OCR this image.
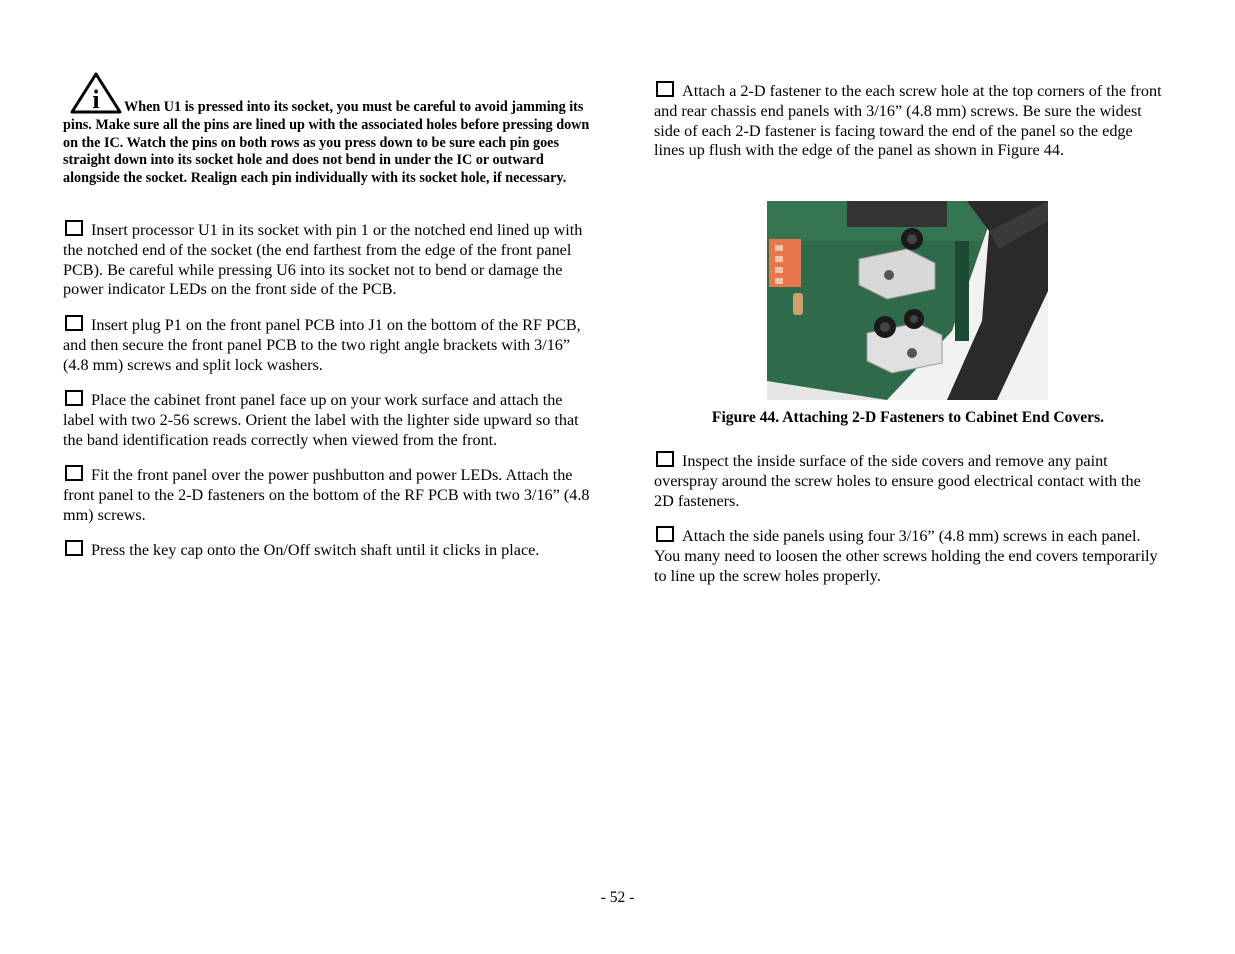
i When U1 is pressed into its socket, you must be careful to avoid jamming its pins. Make sure all the pins are lined up with the associated holes before pressing down on the IC. Watch the pins on both rows as you press down to be sure each pin goes straight down into its socket hole and does not bend in under the IC or outward alongside the socket. Realign each pin individually with its socket hole, if necessary.
Insert processor U1 in its socket with pin 1 or the notched end lined up with the notched end of the socket (the end farthest from the edge of the front panel PCB). Be careful while pressing U6 into its socket not to bend or damage the power indicator LEDs on the front side of the PCB.
Insert plug P1 on the front panel PCB into J1 on the bottom of the RF PCB, and then secure the front panel PCB to the two right angle brackets with 3/16” (4.8 mm) screws and split lock washers.
Place the cabinet front panel face up on your work surface and attach the label with two 2-56 screws. Orient the label with the lighter side upward so that the band identification reads correctly when viewed from the front.
Fit the front panel over the power pushbutton and power LEDs. Attach the front panel to the 2-D fasteners on the bottom of the RF PCB with two 3/16” (4.8 mm) screws.
Press the key cap onto the On/Off switch shaft until it clicks in place.
Attach a 2-D fastener to the each screw hole at the top corners of the front and rear chassis end panels with 3/16” (4.8 mm) screws. Be sure the widest side of each 2-D fastener is facing toward the end of the panel so the edge lines up flush with the edge of the panel as shown in Figure 44.
Figure 44. Attaching 2-D Fasteners to Cabinet End Covers.
Inspect the inside surface of the side covers and remove any paint overspray around the screw holes to ensure good electrical contact with the 2D fasteners.
Attach the side panels using four 3/16” (4.8 mm) screws in each panel. You many need to loosen the other screws holding the end covers temporarily to line up the screw holes properly.
- 52 -
